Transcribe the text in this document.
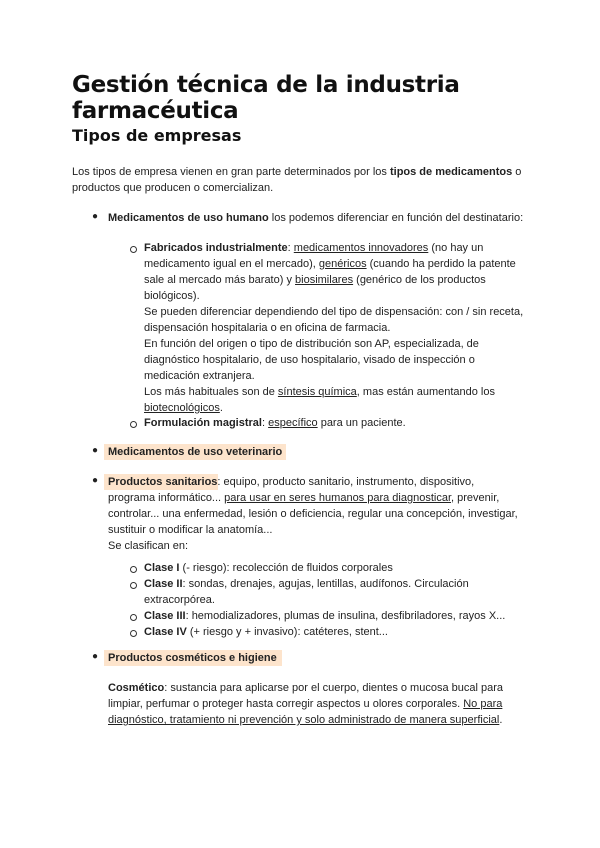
Gestión técnica de la industria farmacéutica
Tipos de empresas
Los tipos de empresa vienen en gran parte determinados por los tipos de medicamentos o
productos que producen o comercializan.
● Medicamentos de uso humano los podemos diferenciar en función del destinatario:
Fabricados industrialmente: medicamentos innovadores (no hay un
medicamento igual en el mercado), genéricos (cuando ha perdido la patente
sale al mercado más barato) y biosimilares (genérico de los productos
biológicos).
Se pueden diferenciar dependiendo del tipo de dispensación: con / sin receta,
dispensación hospitalaria o en oficina de farmacia.
En función del origen o tipo de distribución son AP, especializada, de
diagnóstico hospitalario, de uso hospitalario, visado de inspección o
medicación extranjera.
Los más habituales son de síntesis química, mas están aumentando los
biotecnológicos.
Formulación magistral: específico para un paciente.
● Medicamentos de uso veterinario
● Productos sanitarios: equipo, producto sanitario, instrumento, dispositivo,
programa informático... para usar en seres humanos para diagnosticar, prevenir,
controlar... una enfermedad, lesión o deficiencia, regular una concepción, investigar,
sustituir o modificar la anatomía...
Se clasifican en:
Clase I (- riesgo): recolección de fluidos corporales
Clase II: sondas, drenajes, agujas, lentillas, audífonos. Circulación
extracorpórea.
Clase III: hemodializadores, plumas de insulina, desfibriladores, rayos X...
Clase IV (+ riesgo y + invasivo): catéteres, stent...
● Productos cosméticos e higiene
Cosmético: sustancia para aplicarse por el cuerpo, dientes o mucosa bucal para
limpiar, perfumar o proteger hasta corregir aspectos u olores corporales. No para
diagnóstico, tratamiento ni prevención y solo administrado de manera superficial.
